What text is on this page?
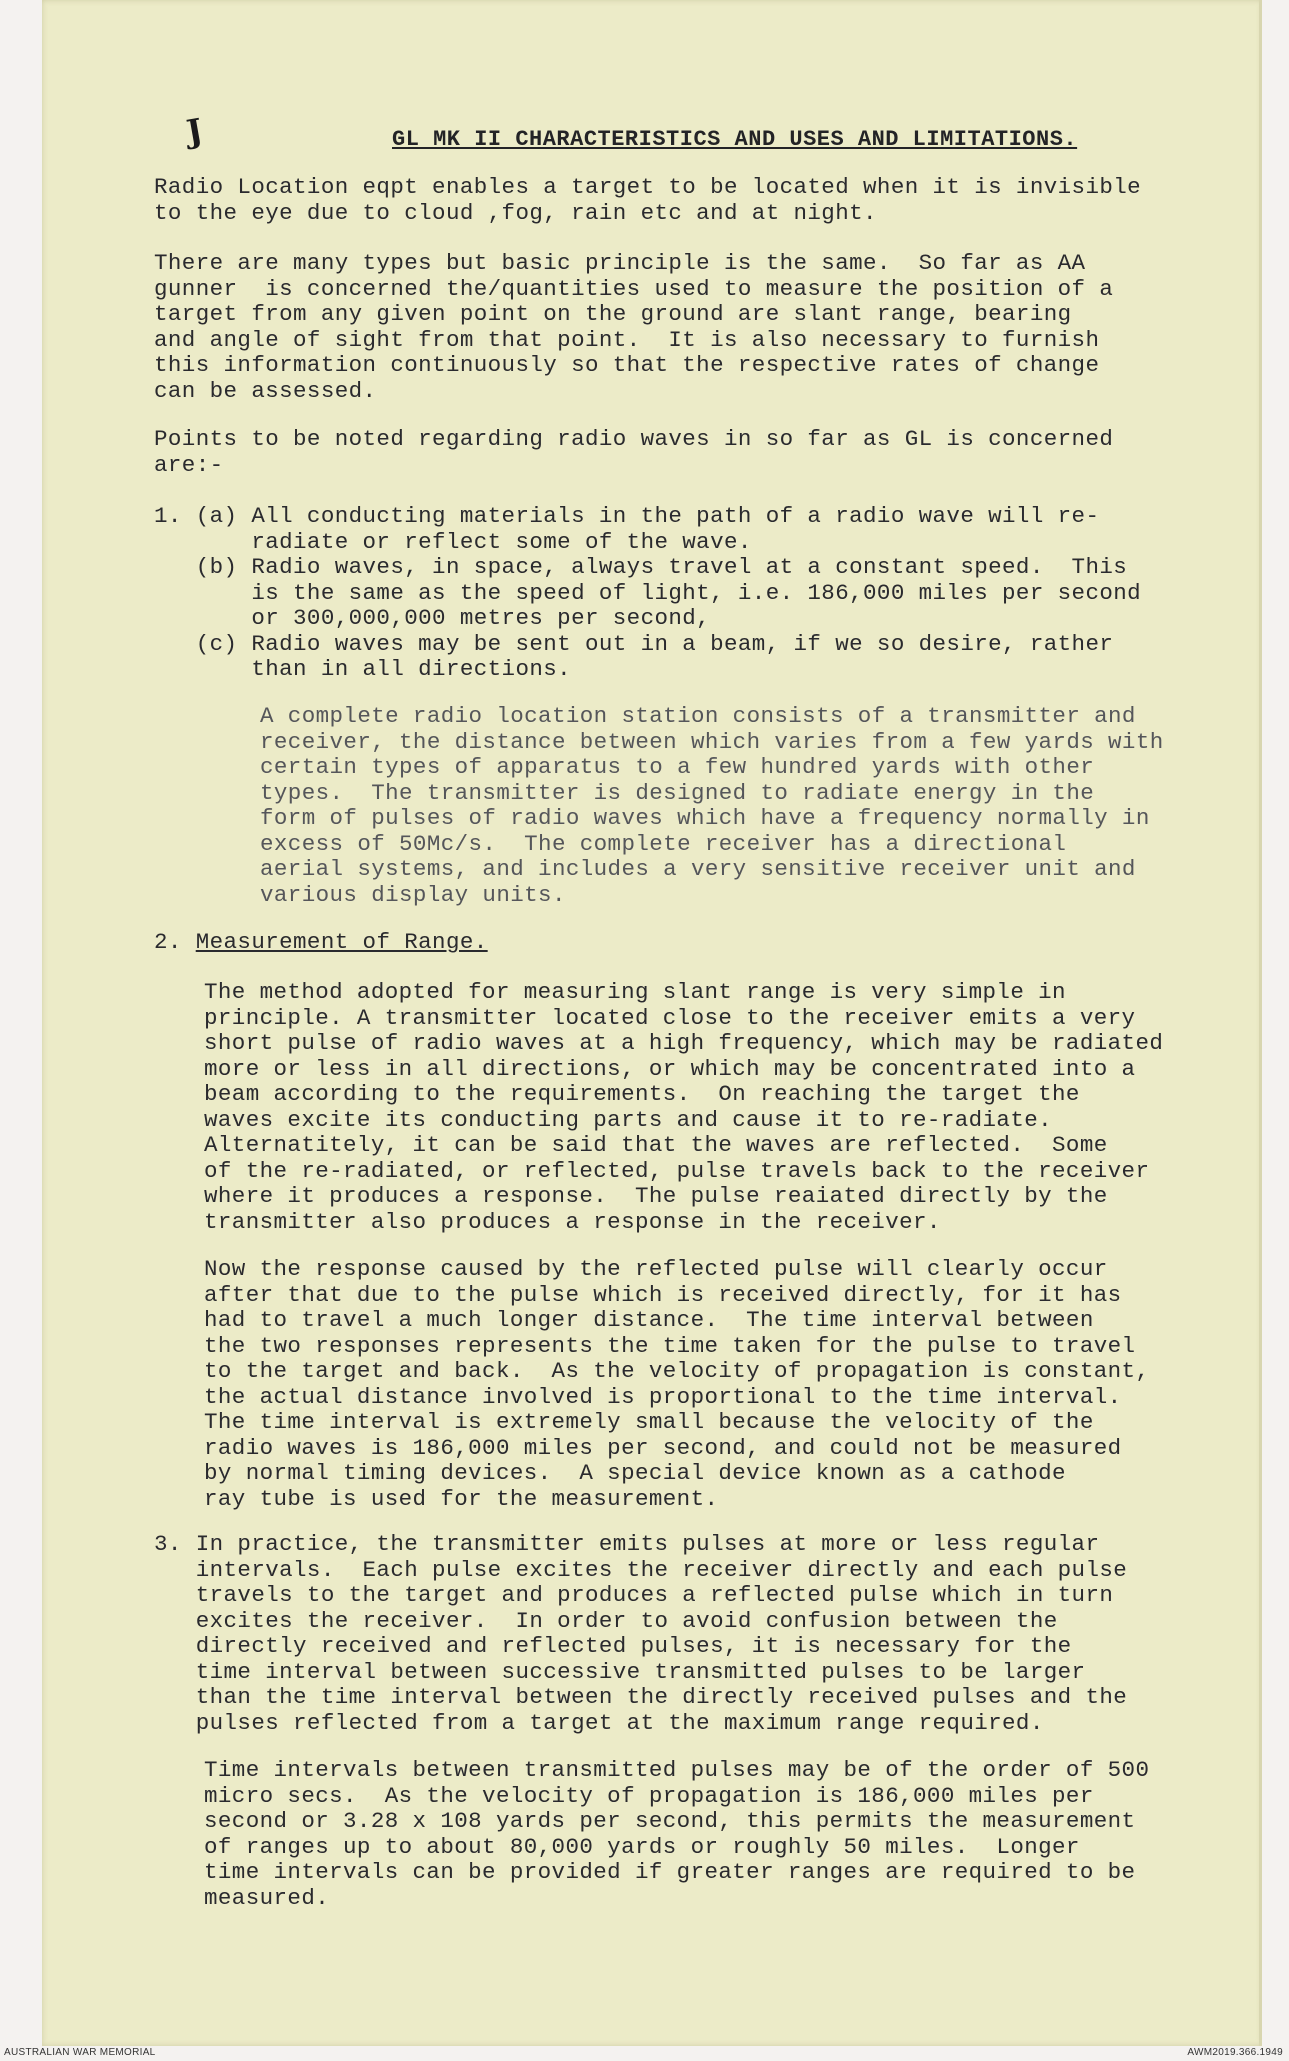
J	GL MK II CHARACTERISTICS AND USES AND LIMITATIONS.
Radio Location eqpt enables a target to be located when it is invisible
to the eye due to cloud ,fog, rain etc and at night.
There are many types but basic principle is the same.  So far as AA
gunner  is concerned the/quantities used to measure the position of a
target from any given point on the ground are slant range, bearing
and angle of sight from that point.  It is also necessary to furnish
this information continuously so that the respective rates of change
can be assessed.
Points to be noted regarding radio waves in so far as GL is concerned
are:-
1. (a) All conducting materials in the path of a radio wave will re-
radiate or reflect some of the wave.
(b) Radio waves, in space, always travel at a constant speed.  This
is the same as the speed of light, i.e. 186,000 miles per second
or 300,000,000 metres per second,
(c) Radio waves may be sent out in a beam, if we so desire, rather
than in all directions.
A complete radio location station consists of a transmitter and
receiver, the distance between which varies from a few yards with
certain types of apparatus to a few hundred yards with other
types.  The transmitter is designed to radiate energy in the
form of pulses of radio waves which have a frequency normally in
excess of 50Mc/s.  The complete receiver has a directional
aerial systems, and includes a very sensitive receiver unit and
various display units.
2. Measurement of Range.
The method adopted for measuring slant range is very simple in
principle. A transmitter located close to the receiver emits a very
short pulse of radio waves at a high frequency, which may be radiated
more or less in all directions, or which may be concentrated into a
beam according to the requirements.  On reaching the target the
waves excite its conducting parts and cause it to re-radiate.
Alternatitely, it can be said that the waves are reflected.  Some
of the re-radiated, or reflected, pulse travels back to the receiver
where it produces a response.  The pulse reaiated directly by the
transmitter also produces a response in the receiver.
Now the response caused by the reflected pulse will clearly occur
after that due to the pulse which is received directly, for it has
had to travel a much longer distance.  The time interval between
the two responses represents the time taken for the pulse to travel
to the target and back.  As the velocity of propagation is constant,
the actual distance involved is proportional to the time interval.
The time interval is extremely small because the velocity of the
radio waves is 186,000 miles per second, and could not be measured
by normal timing devices.  A special device known as a cathode
ray tube is used for the measurement.
3. In practice, the transmitter emits pulses at more or less regular
intervals.  Each pulse excites the receiver directly and each pulse
travels to the target and produces a reflected pulse which in turn
excites the receiver.  In order to avoid confusion between the
directly received and reflected pulses, it is necessary for the
time interval between successive transmitted pulses to be larger
than the time interval between the directly received pulses and the
pulses reflected from a target at the maximum range required.
Time intervals between transmitted pulses may be of the order of 500
micro secs.  As the velocity of propagation is 186,000 miles per
second or 3.28 x 108 yards per second, this permits the measurement
of ranges up to about 80,000 yards or roughly 50 miles.  Longer
time intervals can be provided if greater ranges are required to be
measured.
AUSTRALIAN WAR MEMORIAL	AWM2019.366.1949
